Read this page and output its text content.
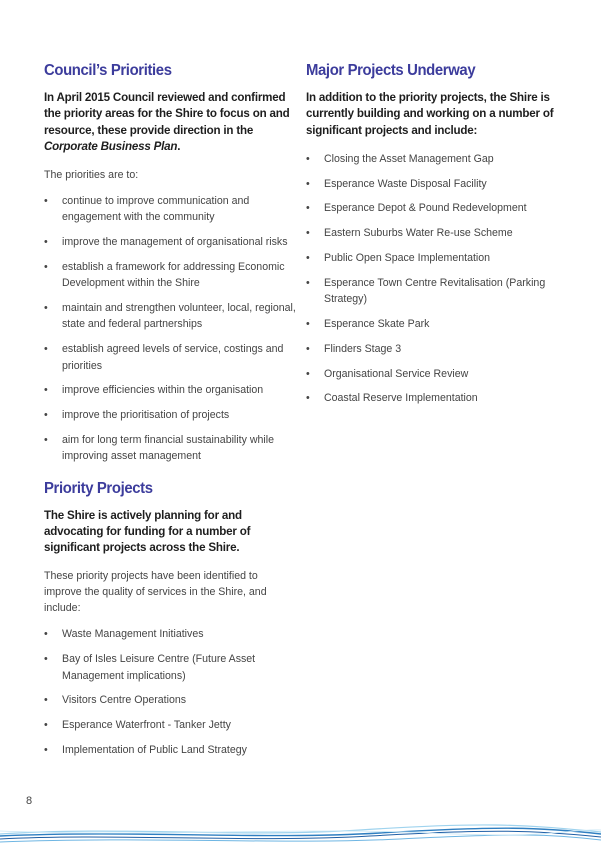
Council’s Priorities

In April 2015 Council reviewed and confirmed the priority areas for the Shire to focus on and resource, these provide direction in the Corporate Business Plan.

The priorities are to:

• continue to improve communication and engagement with the community
• improve the management of organisational risks
• establish a framework for addressing Economic Development within the Shire
• maintain and strengthen volunteer, local, regional, state and federal partnerships
• establish agreed levels of service, costings and priorities
• improve efficiencies within the organisation
• improve the prioritisation of projects
• aim for long term financial sustainability while improving asset management
Priority Projects

The Shire is actively planning for and advocating for funding for a number of significant projects across the Shire.

These priority projects have been identified to improve the quality of services in the Shire, and include:

• Waste Management Initiatives
• Bay of Isles Leisure Centre (Future Asset Management implications)
• Visitors Centre Operations
• Esperance Waterfront - Tanker Jetty
• Implementation of Public Land Strategy
Major Projects Underway

In addition to the priority projects, the Shire is currently building and working on a number of significant projects and include:

• Closing the Asset Management Gap
• Esperance Waste Disposal Facility
• Esperance Depot & Pound Redevelopment
• Eastern Suburbs Water Re-use Scheme
• Public Open Space Implementation
• Esperance Town Centre Revitalisation (Parking Strategy)
• Esperance Skate Park
• Flinders Stage 3
• Organisational Service Review
• Coastal Reserve Implementation
8
